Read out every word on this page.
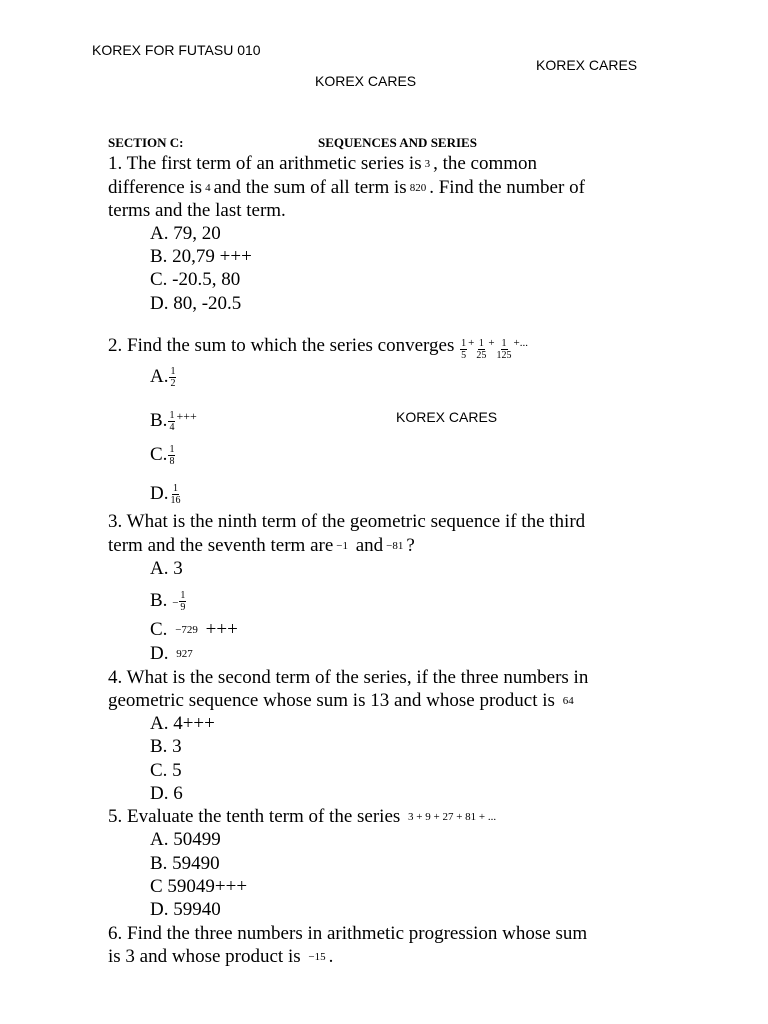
KOREX FOR FUTASU 010
KOREX CARES
KOREX CARES
KOREX CARES
SECTION C:	SEQUENCES AND SERIES
1. The first term of an arithmetic series is 3 , the common
difference is 4 and the sum of all term is 820 . Find the number of
terms and the last term.
A. 79, 20
B. 20,79 +++
C. -20.5, 80
D. 80, -20.5
2. Find the sum to which the series converges $\frac{1}{5} + \frac{1}{25} + \frac{1}{125}$ +...
A. $\frac{1}{2}$
B. $\frac{1}{4} ^{+++}$
C. $\frac{1}{8}$
D. $\frac{1}{16}$
3. What is the ninth term of the geometric sequence if the third
term and the seventh term are −1 and −81 ?
A. 3
B. − $\frac{1}{9}$
C. −729 +++
D. 927
4. What is the second term of the series, if the three numbers in
geometric sequence whose sum is 13 and whose product is 64
A. 4+++
B. 3
C. 5
D. 6
5. Evaluate the tenth term of the series 3 + 9 + 27 + 81 + ...
A. 50499
B. 59490
C 59049+++
D. 59940
6. Find the three numbers in arithmetic progression whose sum
is 3 and whose product is −15 .
